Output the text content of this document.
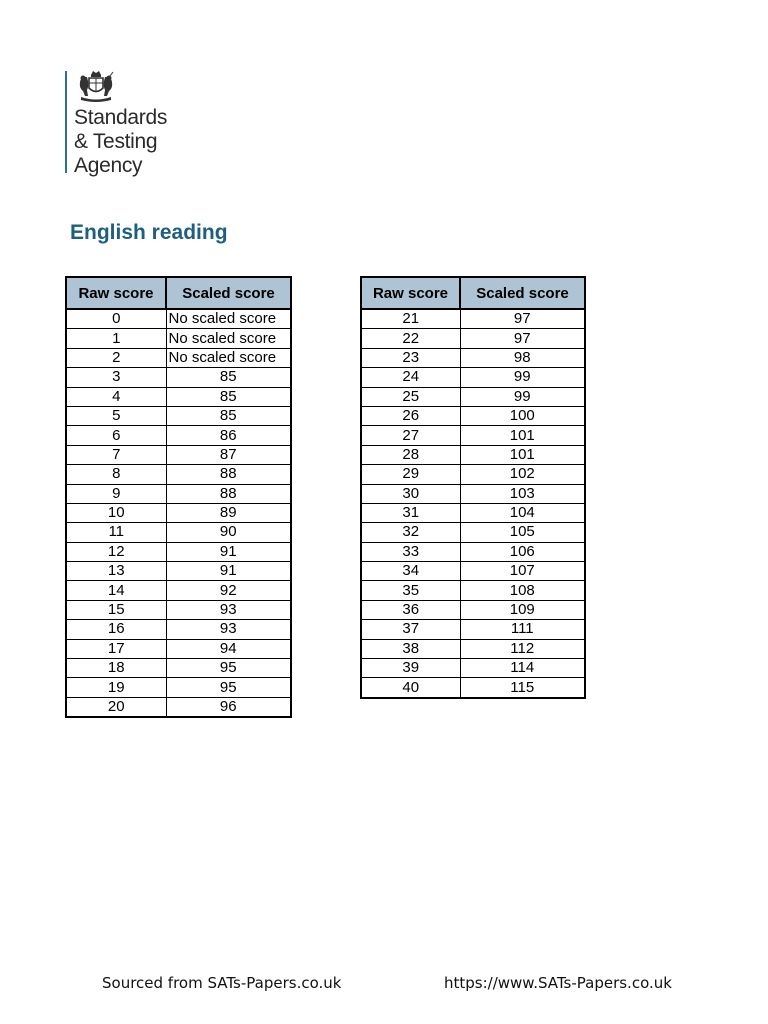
Standards
& Testing
Agency
English reading
Raw score	Scaled score
0	No scaled score
1	No scaled score
2	No scaled score
3	85
4	85
5	85
6	86
7	87
8	88
9	88
10	89
11	90
12	91
13	91
14	92
15	93
16	93
17	94
18	95
19	95
20	96
Raw score	Scaled score
21	97
22	97
23	98
24	99
25	99
26	100
27	101
28	101
29	102
30	103
31	104
32	105
33	106
34	107
35	108
36	109
37	111
38	112
39	114
40	115
Sourced from SATs-Papers.co.uk	https://www.SATs-Papers.co.uk
